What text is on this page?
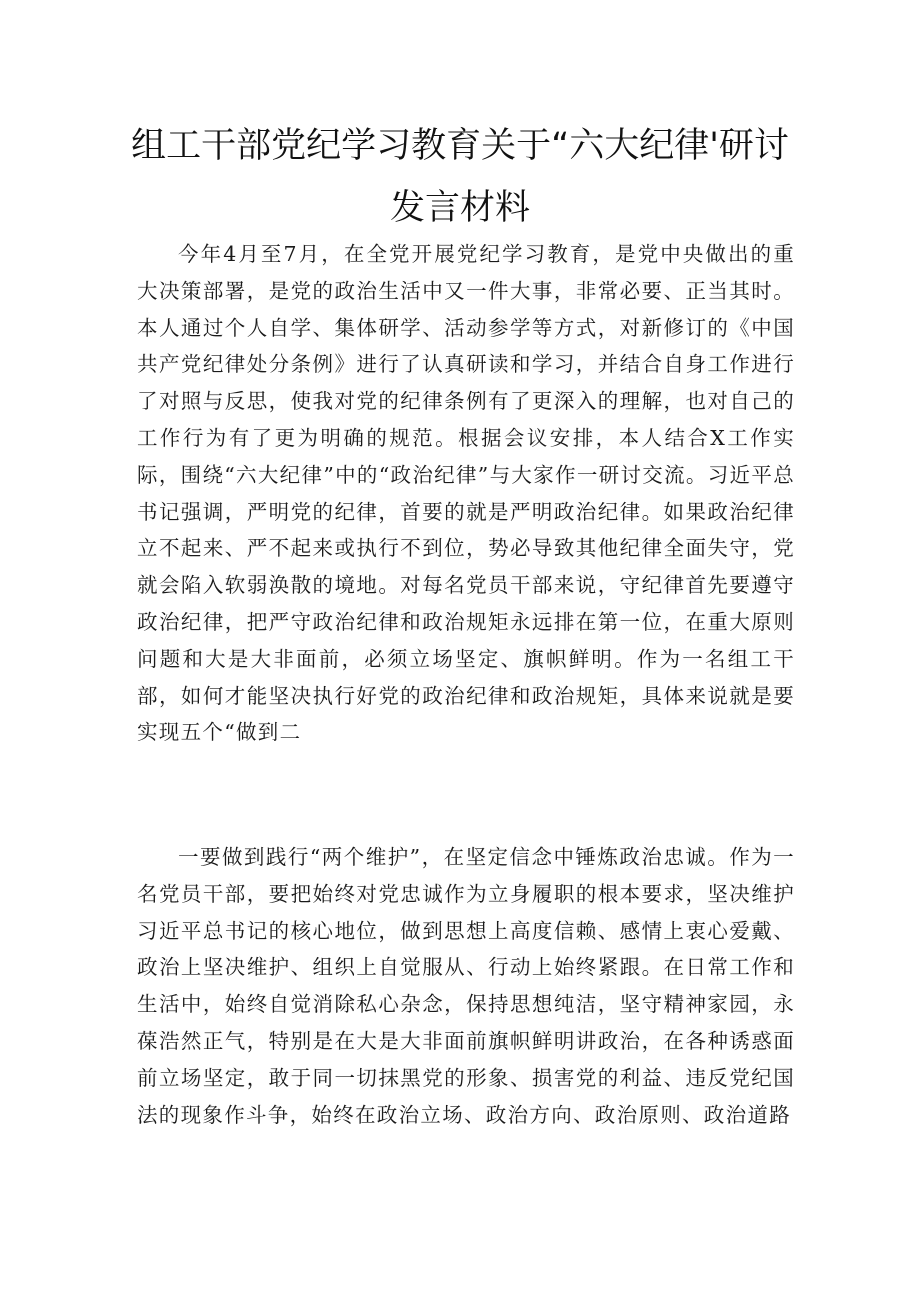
组工干部党纪学习教育关于“六大纪律'研讨
发言材料

今年4月至7月，在全党开展党纪学习教育，是党中央做出的重大决策部署，是党的政治生活中又一件大事，非常必要、正当其时。本人通过个人自学、集体研学、活动参学等方式，对新修订的《中国共产党纪律处分条例》进行了认真研读和学习，并结合自身工作进行了对照与反思，使我对党的纪律条例有了更深入的理解，也对自己的工作行为有了更为明确的规范。根据会议安排，本人结合X工作实际，围绕“六大纪律”中的“政治纪律”与大家作一研讨交流。习近平总书记强调，严明党的纪律，首要的就是严明政治纪律。如果政治纪律立不起来、严不起来或执行不到位，势必导致其他纪律全面失守，党就会陷入软弱涣散的境地。对每名党员干部来说，守纪律首先要遵守政治纪律，把严守政治纪律和政治规矩永远排在第一位，在重大原则问题和大是大非面前，必须立场坚定、旗帜鲜明。作为一名组工干部，如何才能坚决执行好党的政治纪律和政治规矩，具体来说就是要实现五个“做到二

一要做到践行“两个维护”，在坚定信念中锤炼政治忠诚。作为一名党员干部，要把始终对党忠诚作为立身履职的根本要求，坚决维护习近平总书记的核心地位，做到思想上高度信赖、感情上衷心爱戴、政治上坚决维护、组织上自觉服从、行动上始终紧跟。在日常工作和生活中，始终自觉消除私心杂念，保持思想纯洁，坚守精神家园，永葆浩然正气，特别是在大是大非面前旗帜鲜明讲政治，在各种诱惑面前立场坚定，敢于同一切抹黑党的形象、损害党的利益、违反党纪国法的现象作斗争，始终在政治立场、政治方向、政治原则、政治道路
